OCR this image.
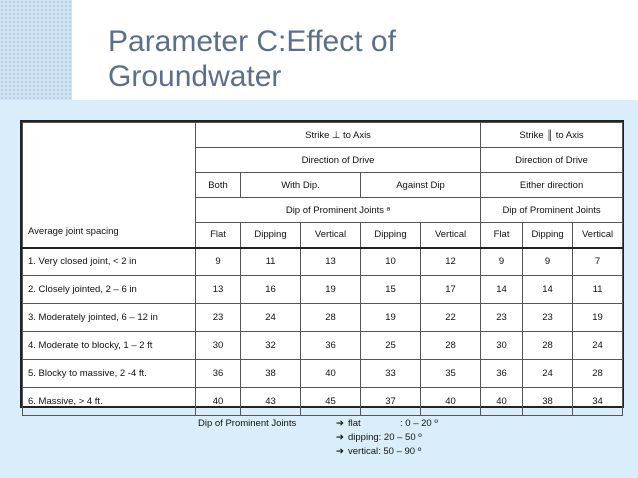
Parameter C:Effect of
Groundwater
Average joint spacing	Strike ⊥ to Axis					Strike ║ to Axis		
	Direction of Drive					Direction of Drive		
	Both	With Dip.		Against Dip		Either direction		
	Dip of Prominent Joints ᵃ					Dip of Prominent Joints		
	Flat	Dipping	Vertical	Dipping	Vertical	Flat	Dipping	Vertical
1. Very closed joint, < 2 in	9	11	13	10	12	9	9	7
2. Closely jointed, 2 – 6 in	13	16	19	15	17	14	14	11
3. Moderately jointed, 6 – 12 in	23	24	28	19	22	23	23	19
4. Moderate to blocky, 1 – 2 ft	30	32	36	25	28	30	28	24
5. Blocky to massive, 2 -4 ft.	36	38	40	33	35	36	24	28
6. Massive, > 4 ft.	40	43	45	37	40	40	38	34
Dip of Prominent Joints	➔ flat	: 0 – 20 º
➔ dipping : 20 – 50 º
➔ vertical : 50 – 90 º
